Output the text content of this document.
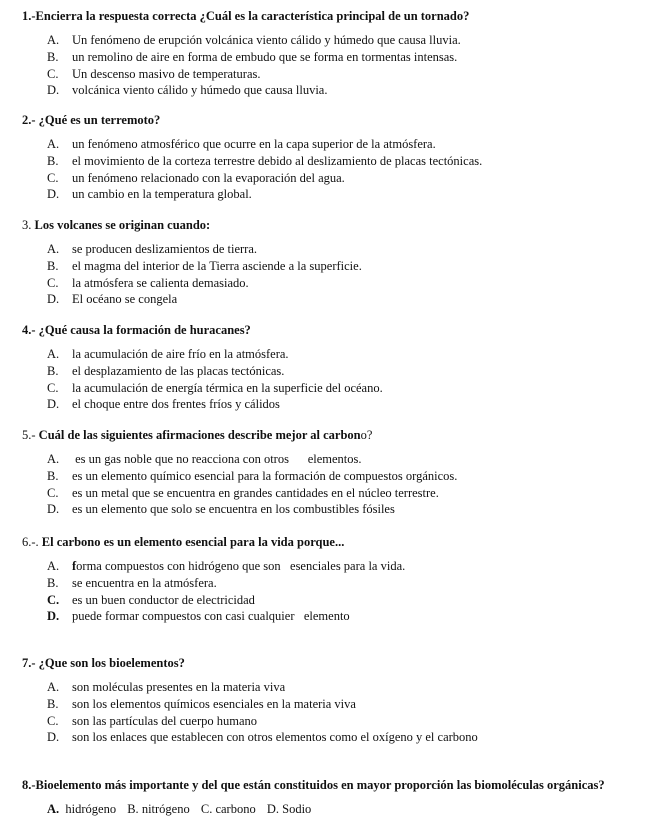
1.-Encierra la respuesta correcta ¿Cuál es la característica principal de un tornado?
A. Un fenómeno de erupción volcánica viento cálido y húmedo que causa lluvia.
B. un remolino de aire en forma de embudo que se forma en tormentas intensas.
C. Un descenso masivo de temperaturas.
D. volcánica viento cálido y húmedo que causa lluvia.
2.- ¿Qué es un terremoto?
A. un fenómeno atmosférico que ocurre en la capa superior de la atmósfera.
B. el movimiento de la corteza terrestre debido al deslizamiento de placas tectónicas.
C. un fenómeno relacionado con la evaporación del agua.
D. un cambio en la temperatura global.
3. Los volcanes se originan cuando:
A. se producen deslizamientos de tierra.
B. el magma del interior de la Tierra asciende a la superficie.
C. la atmósfera se calienta demasiado.
D. El océano se congela
4.- ¿Qué causa la formación de huracanes?
A. la acumulación de aire frío en la atmósfera.
B. el desplazamiento de las placas tectónicas.
C. la acumulación de energía térmica en la superficie del océano.
D. el choque entre dos frentes fríos y cálidos
5.- Cuál de las siguientes afirmaciones describe mejor al carbono?
A. es un gas noble que no reacciona con otros      elementos.
B. es un elemento químico esencial para la formación de compuestos orgánicos.
C. es un metal que se encuentra en grandes cantidades en el núcleo terrestre.
D. es un elemento que solo se encuentra en los combustibles fósiles
6.-. El carbono es un elemento esencial para la vida porque...
A. forma compuestos con hidrógeno que son   esenciales para la vida.
B. se encuentra en la atmósfera.
C. es un buen conductor de electricidad
D. puede formar compuestos con casi cualquier   elemento
7.- ¿Que son los bioelementos?
A. son moléculas presentes en la materia viva
B. son los elementos químicos esenciales en la materia viva
C. son las partículas del cuerpo humano
D. son los enlaces que establecen con otros elementos como el oxígeno y el carbono
8.-Bioelemento más importante y del que están constituidos en mayor proporción las biomoléculas orgánicas?
A. hidrógeno B. nitrógeno C. carbono D. Sodio
